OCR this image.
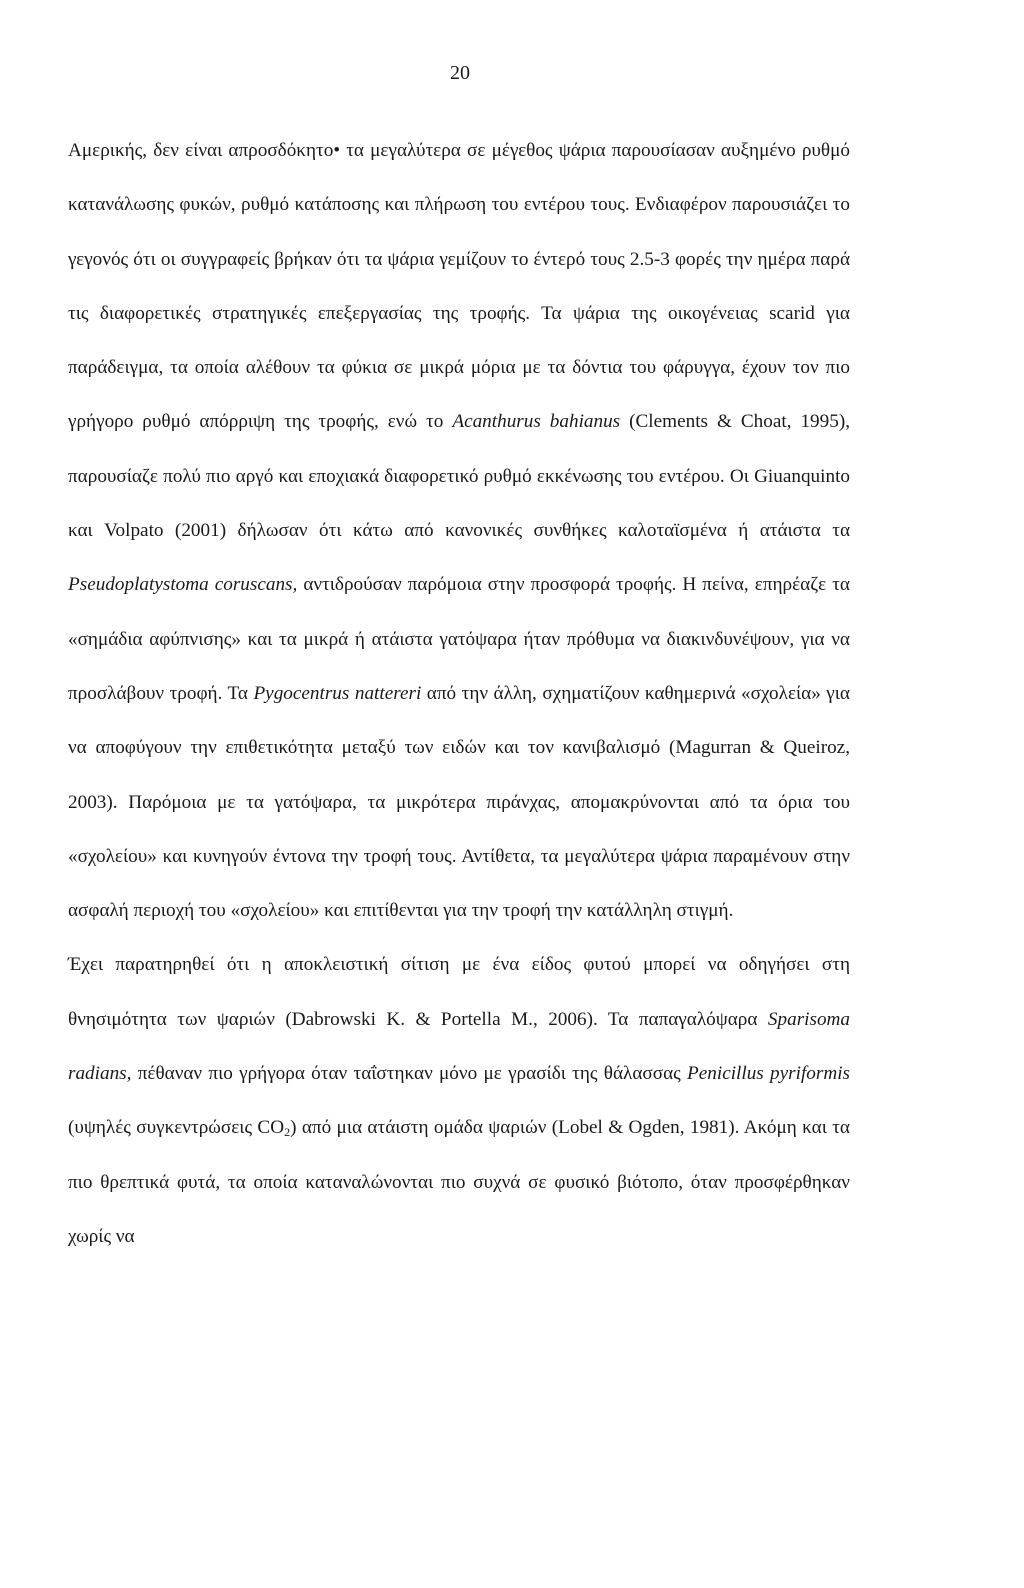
20

Αμερικής, δεν είναι απροσδόκητο• τα μεγαλύτερα σε μέγεθος ψάρια παρουσίασαν αυξημένο ρυθμό κατανάλωσης φυκών, ρυθμό κατάποσης και πλήρωση του εντέρου τους. Ενδιαφέρον παρουσιάζει το γεγονός ότι οι συγγραφείς βρήκαν ότι τα ψάρια γεμίζουν το έντερό τους 2.5-3 φορές την ημέρα παρά τις διαφορετικές στρατηγικές επεξεργασίας της τροφής. Τα ψάρια της οικογένειας scarid για παράδειγμα, τα οποία αλέθουν τα φύκια σε μικρά μόρια με τα δόντια του φάρυγγα, έχουν τον πιο γρήγορο ρυθμό απόρριψη της τροφής, ενώ το Acanthurus bahianus (Clements & Choat, 1995), παρουσίαζε πολύ πιο αργό και εποχιακά διαφορετικό ρυθμό εκκένωσης του εντέρου. Οι Giuanquinto και Volpato (2001) δήλωσαν ότι κάτω από κανονικές συνθήκες καλοταϊσμένα ή ατάιστα τα Pseudoplatystoma coruscans, αντιδρούσαν παρόμοια στην προσφορά τροφής. Η πείνα, επηρέαζε τα «σημάδια αφύπνισης» και τα μικρά ή ατάιστα γατόψαρα ήταν πρόθυμα να διακινδυνέψουν, για να προσλάβουν τροφή. Τα Pygocentrus nattereri από την άλλη, σχηματίζουν καθημερινά «σχολεία» για να αποφύγουν την επιθετικότητα μεταξύ των ειδών και τον κανιβαλισμό (Magurran & Queiroz, 2003). Παρόμοια με τα γατόψαρα, τα μικρότερα πιράνχας, απομακρύνονται από τα όρια του «σχολείου» και κυνηγούν έντονα την τροφή τους. Αντίθετα, τα μεγαλύτερα ψάρια παραμένουν στην ασφαλή περιοχή του «σχολείου» και επιτίθενται για την τροφή την κατάλληλη στιγμή.

Έχει παρατηρηθεί ότι η αποκλειστική σίτιση με ένα είδος φυτού μπορεί να οδηγήσει στη θνησιμότητα των ψαριών (Dabrowski K. & Portella M., 2006). Τα παπαγαλόψαρα Sparisoma radians, πέθαναν πιο γρήγορα όταν ταΐστηκαν μόνο με γρασίδι της θάλασσας Penicillus pyriformis (υψηλές συγκεντρώσεις $CO_2$) από μια ατάιστη ομάδα ψαριών (Lobel & Ogden, 1981). Ακόμη και τα πιο θρεπτικά φυτά, τα οποία καταναλώνονται πιο συχνά σε φυσικό βιότοπο, όταν προσφέρθηκαν χωρίς να
